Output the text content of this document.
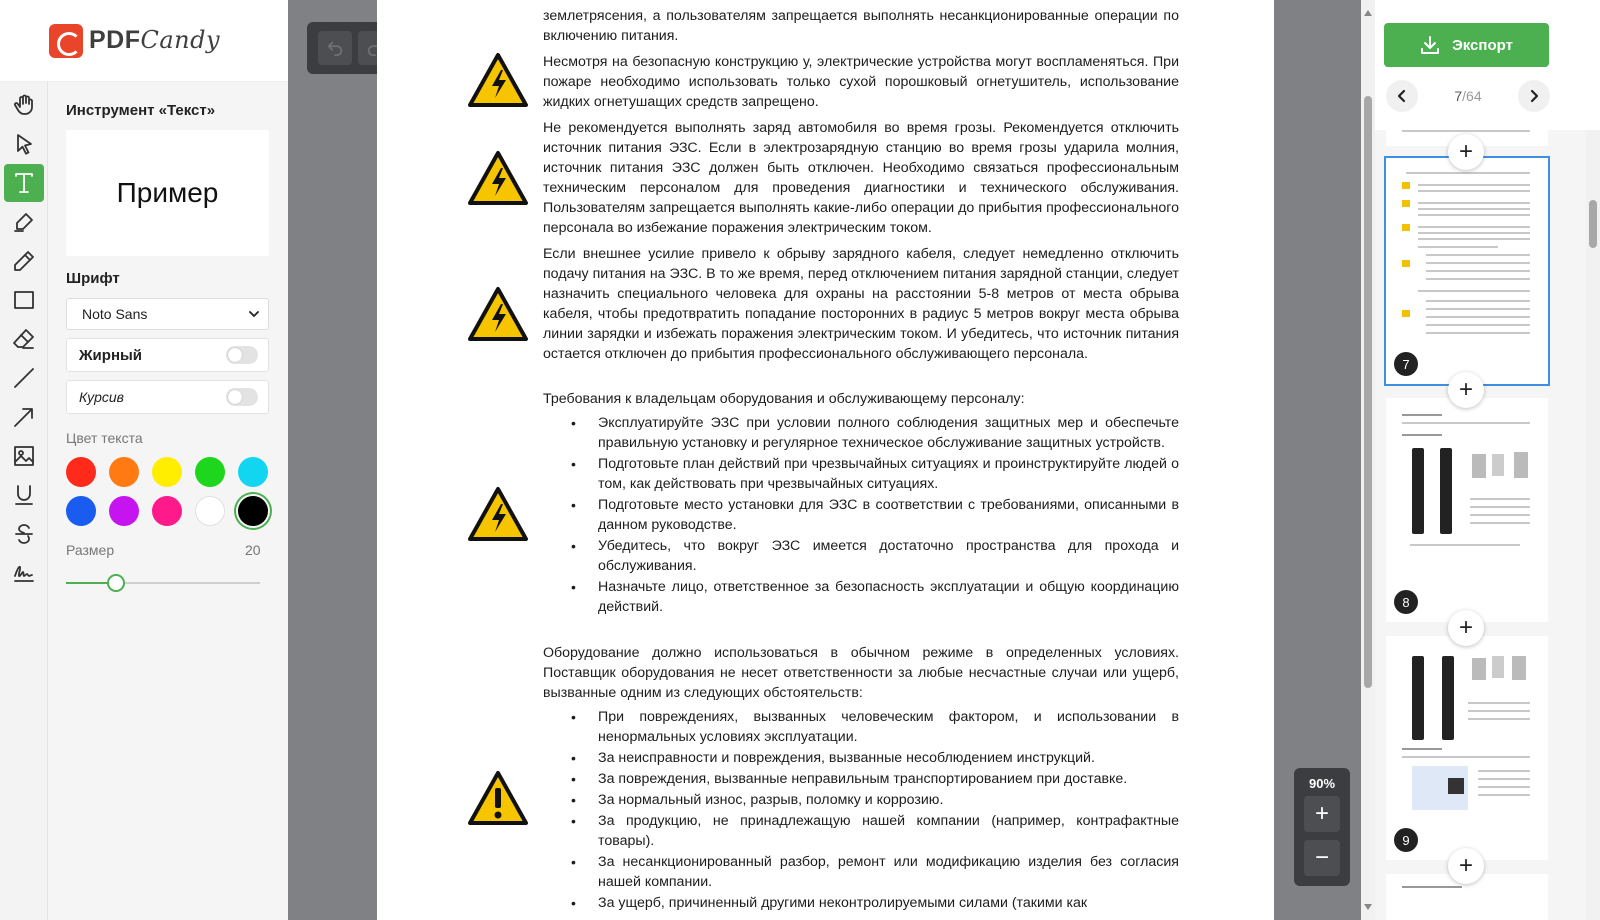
PDFCandy
Инструмент «Текст»
Пример
Шрифт
Noto Sans
Жирный
Курсив
Цвет текста
Размер	20
землетрясения, а пользователям запрещается выполнять несанкционированные операции по включению питания.
Несмотря на безопасную конструкцию у, электрические устройства могут воспламеняться. При пожаре необходимо использовать только сухой порошковый огнетушитель, использование жидких огнетушащих средств запрещено.
Не рекомендуется выполнять заряд автомобиля во время грозы. Рекомендуется отключить источник питания ЭЗС. Если в электрозарядную станцию во время грозы ударила молния, источник питания ЭЗС должен быть отключен. Необходимо связаться профессиональным техническим персоналом для проведения диагностики и технического обслуживания. Пользователям запрещается выполнять какие-либо операции до прибытия профессионального персонала во избежание поражения электрическим током.
Если внешнее усилие привело к обрыву зарядного кабеля, следует немедленно отключить подачу питания на ЭЗС. В то же время, перед отключением питания зарядной станции, следует назначить специального человека для охраны на расстоянии 5-8 метров от места обрыва кабеля, чтобы предотвратить попадание посторонних в радиус 5 метров вокруг места обрыва линии зарядки и избежать поражения электрическим током. И убедитесь, что источник питания остается отключен до прибытия профессионального обслуживающего персонала.
Требования к владельцам оборудования и обслуживающему персоналу:
• Эксплуатируйте ЭЗС при условии полного соблюдения защитных мер и обеспечьте правильную установку и регулярное техническое обслуживание защитных устройств.
• Подготовьте план действий при чрезвычайных ситуациях и проинструктируйте людей о том, как действовать при чрезвычайных ситуациях.
• Подготовьте место установки для ЭЗС в соответствии с требованиями, описанными в данном руководстве.
• Убедитесь, что вокруг ЭЗС имеется достаточно пространства для прохода и обслуживания.
• Назначьте лицо, ответственное за безопасность эксплуатации и общую координацию действий.
Оборудование должно использоваться в обычном режиме в определенных условиях. Поставщик оборудования не несет ответственности за любые несчастные случаи или ущерб, вызванные одним из следующих обстоятельств:
• При повреждениях, вызванных человеческим фактором, и использовании в ненормальных условиях эксплуатации.
• За неисправности и повреждения, вызванные несоблюдением инструкций.
• За повреждения, вызванные неправильным транспортированием при доставке.
• За нормальный износ, разрыв, поломку и коррозию.
• За продукцию, не принадлежащую нашей компании (например, контрафактные товары).
• За несанкционированный разбор, ремонт или модификацию изделия без согласия нашей компании.
• За ущерб, причиненный другими неконтролируемыми силами (такими как
90%
+
−
Экспорт
7/64
7
8
9
+
+
+
+
